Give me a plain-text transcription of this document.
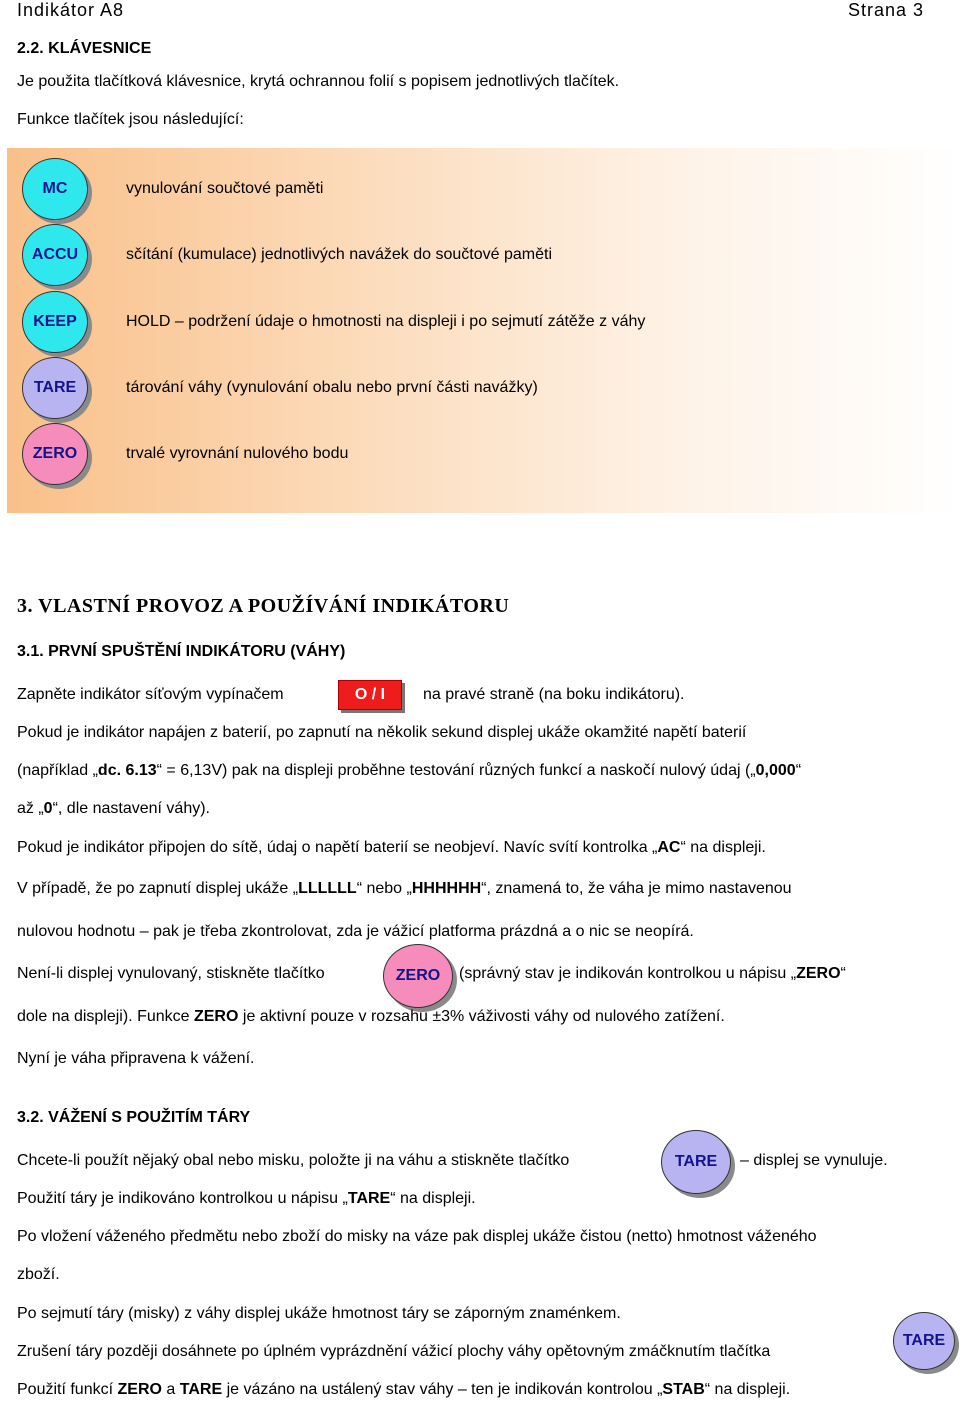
Indikátor A8	Strana 3
2.2. KLÁVESNICE
Je použita tlačítková klávesnice, krytá ochrannou folií s popisem jednotlivých tlačítek.
Funkce tlačítek jsou následující:
MC	vynulování součtové paměti
ACCU	sčítání (kumulace) jednotlivých navážek do součtové paměti
KEEP	HOLD – podržení údaje o hmotnosti na displeji i po sejmutí zátěže z váhy
TARE	tárování váhy (vynulování obalu nebo první části navážky)
ZERO	trvalé vyrovnání nulového bodu
3. VLASTNÍ PROVOZ A POUŽÍVÁNÍ INDIKÁTORU
3.1. PRVNÍ SPUŠTĚNÍ INDIKÁTORU (VÁHY)
Zapněte indikátor síťovým vypínačem	O / I	na pravé straně (na boku indikátoru).
Pokud je indikátor napájen z baterií, po zapnutí na několik sekund displej ukáže okamžité napětí baterií
(například „dc. 6.13“ = 6,13V) pak na displeji proběhne testování různých funkcí a naskočí nulový údaj („0,000“
až „0“, dle nastavení váhy).
Pokud je indikátor připojen do sítě, údaj o napětí baterií se neobjeví. Navíc svítí kontrolka „AC“ na displeji.
V případě, že po zapnutí displej ukáže „LLLLLL“ nebo „HHHHHH“, znamená to, že váha je mimo nastavenou
nulovou hodnotu – pak je třeba zkontrolovat, zda je vážicí platforma prázdná a o nic se neopírá.
Není-li displej vynulovaný, stiskněte tlačítko	ZERO	(správný stav je indikován kontrolkou u nápisu „ZERO“
dole na displeji). Funkce ZERO je aktivní pouze v rozsahu ±3% váživosti váhy od nulového zatížení.
Nyní je váha připravena k vážení.
3.2. VÁŽENÍ S POUŽITÍM TÁRY
Chcete-li použít nějaký obal nebo misku, položte ji na váhu a stiskněte tlačítko	TARE	– displej se vynuluje.
Použití táry je indikováno kontrolkou u nápisu „TARE“ na displeji.
Po vložení váženého předmětu nebo zboží do misky na váze pak displej ukáže čistou (netto) hmotnost váženého
zboží.
Po sejmutí táry (misky) z váhy displej ukáže hmotnost táry se záporným znaménkem.
Zrušení táry později dosáhnete po úplném vyprázdnění vážicí plochy váhy opětovným zmáčknutím tlačítka
TARE
Použití funkcí ZERO a TARE je vázáno na ustálený stav váhy – ten je indikován kontrolou „STAB“ na displeji.
